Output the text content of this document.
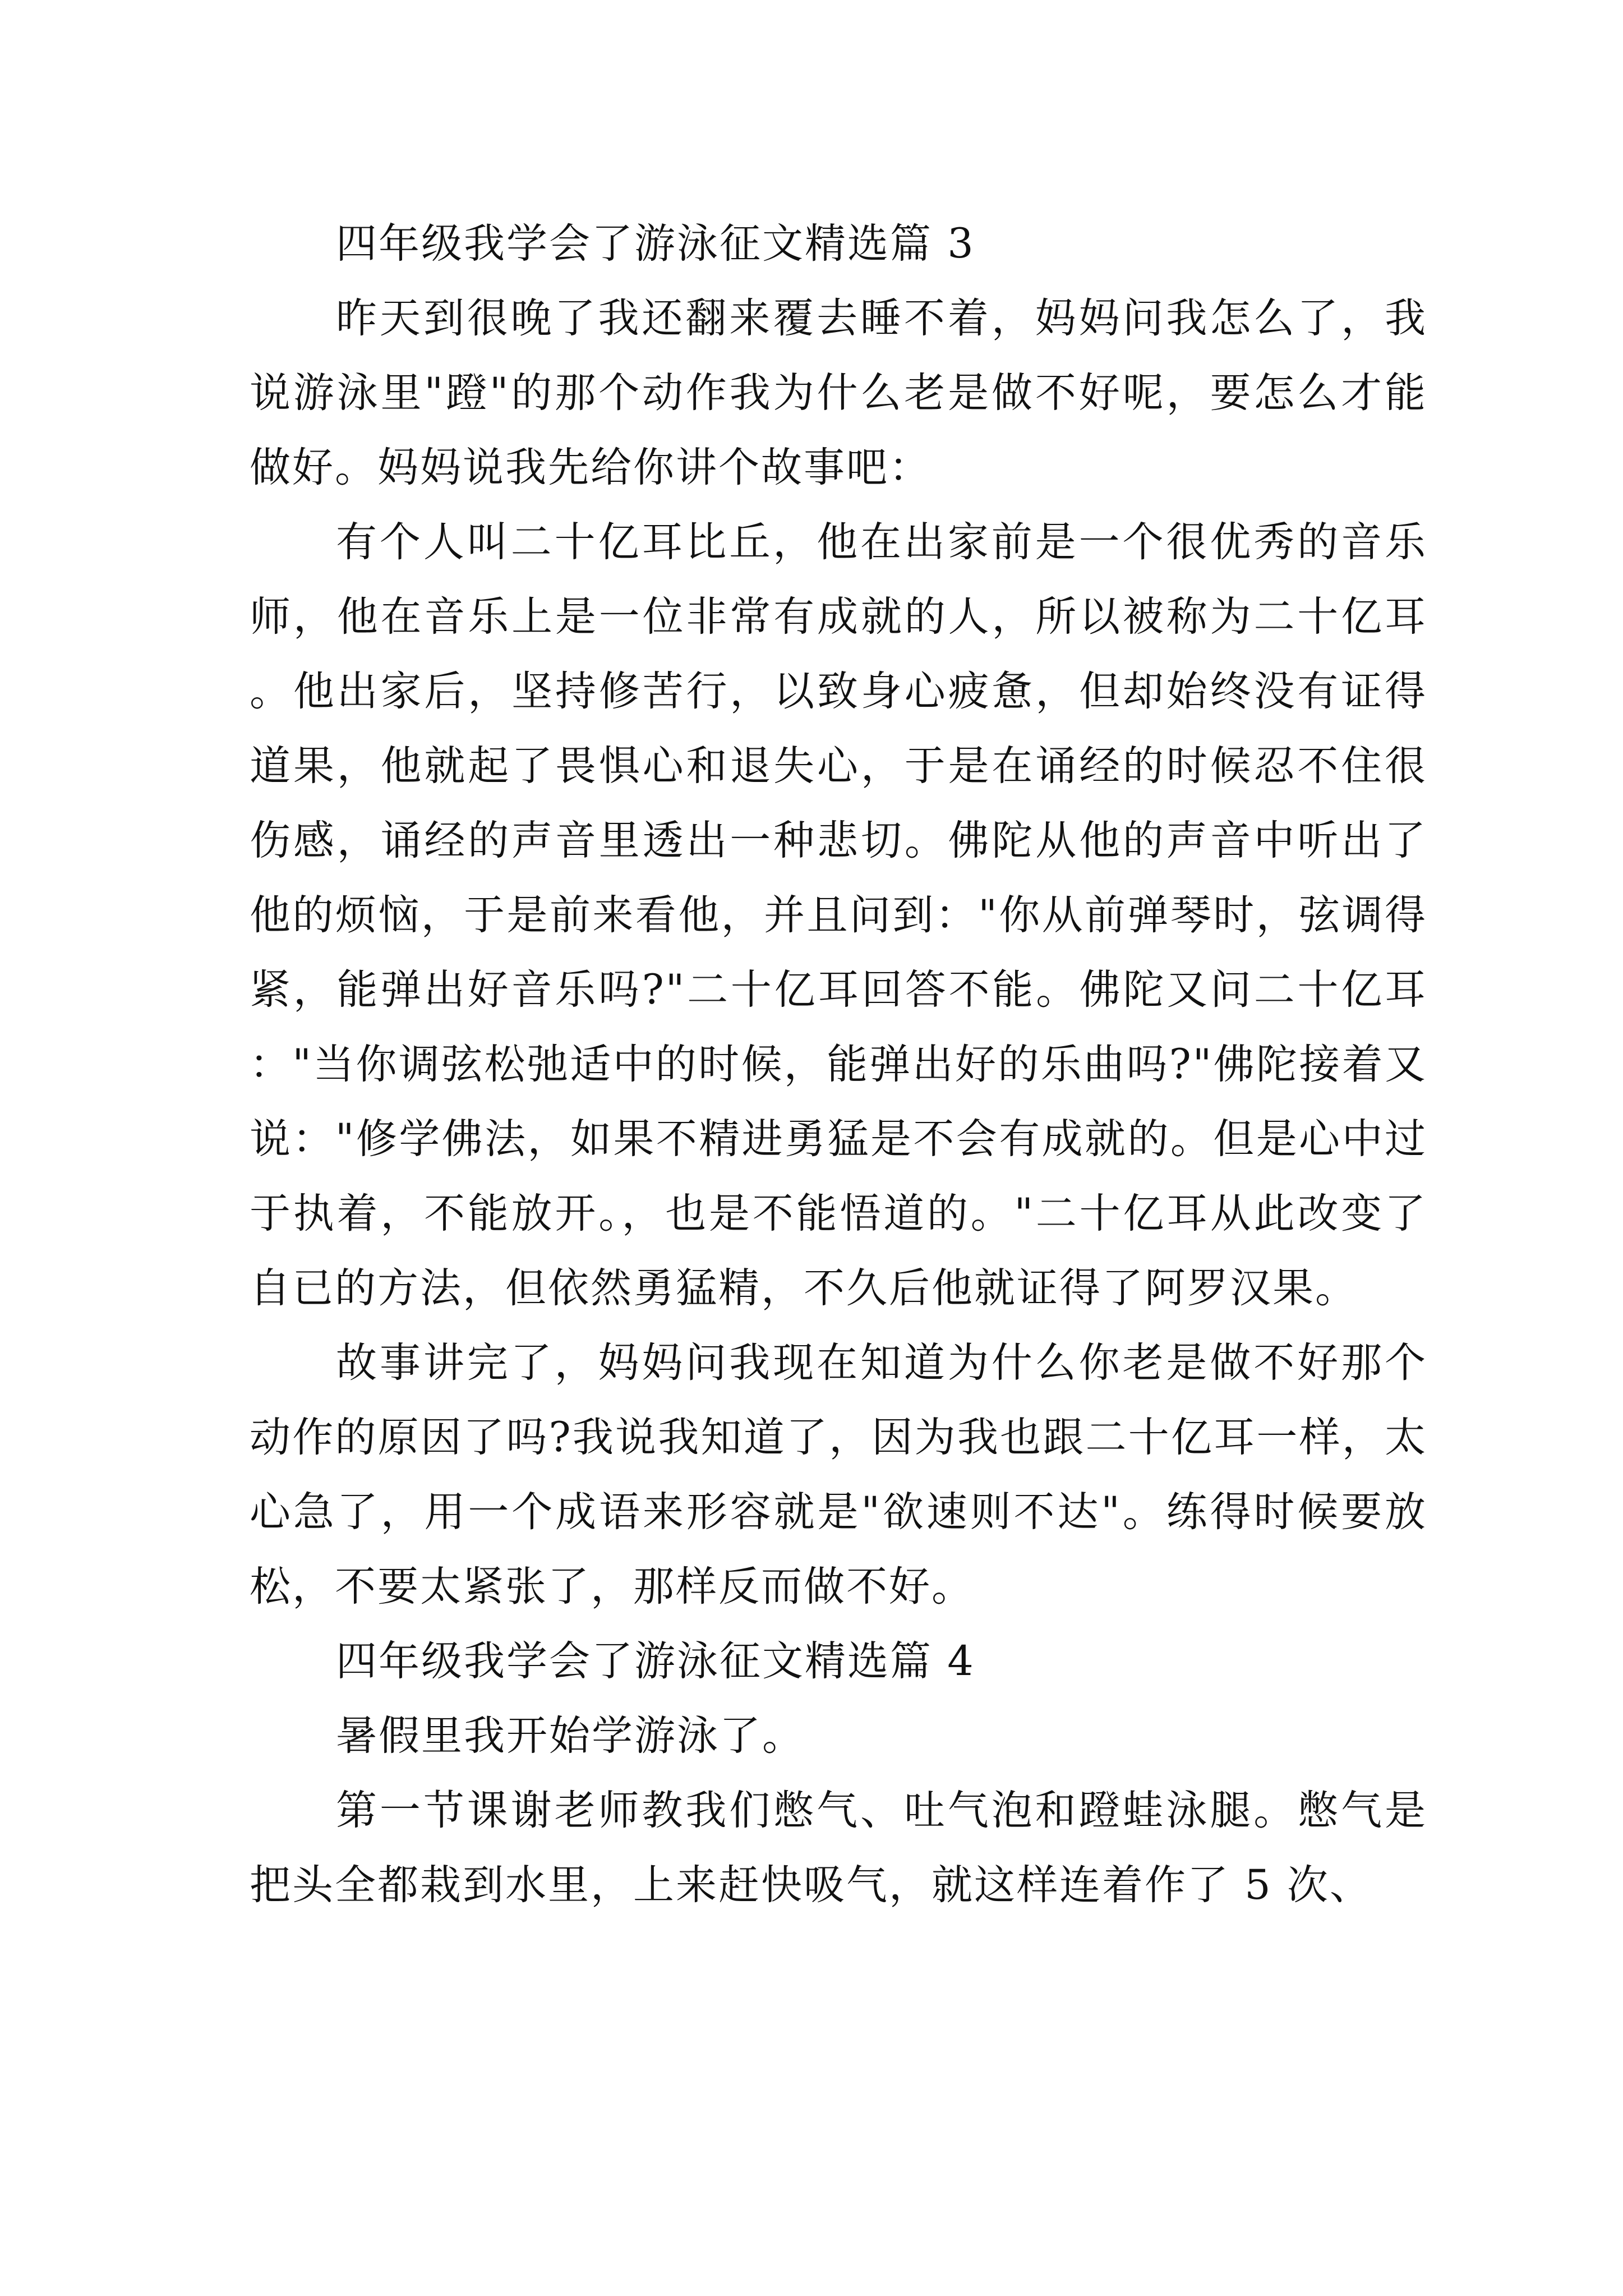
四年级我学会了游泳征文精选篇 3

昨天到很晚了我还翻来覆去睡不着，妈妈问我怎么了，我说游泳里"蹬"的那个动作我为什么老是做不好呢，要怎么才能做好。妈妈说我先给你讲个故事吧：

有个人叫二十亿耳比丘，他在出家前是一个很优秀的音乐师，他在音乐上是一位非常有成就的人，所以被称为二十亿耳。他出家后，坚持修苦行，以致身心疲惫，但却始终没有证得道果，他就起了畏惧心和退失心，于是在诵经的时候忍不住很伤感，诵经的声音里透出一种悲切。佛陀从他的声音中听出了他的烦恼，于是前来看他，并且问到："你从前弹琴时，弦调得紧，能弹出好音乐吗?"二十亿耳回答不能。佛陀又问二十亿耳："当你调弦松弛适中的时候，能弹出好的乐曲吗?"佛陀接着又说："修学佛法，如果不精进勇猛是不会有成就的。但是心中过于执着，不能放开。，也是不能悟道的。"二十亿耳从此改变了自已的方法，但依然勇猛精，不久后他就证得了阿罗汉果。

故事讲完了，妈妈问我现在知道为什么你老是做不好那个动作的原因了吗?我说我知道了，因为我也跟二十亿耳一样，太心急了，用一个成语来形容就是"欲速则不达"。练得时候要放松，不要太紧张了，那样反而做不好。

四年级我学会了游泳征文精选篇 4

暑假里我开始学游泳了。

第一节课谢老师教我们憋气、吐气泡和蹬蛙泳腿。憋气是把头全都栽到水里，上来赶快吸气，就这样连着作了 5 次、
